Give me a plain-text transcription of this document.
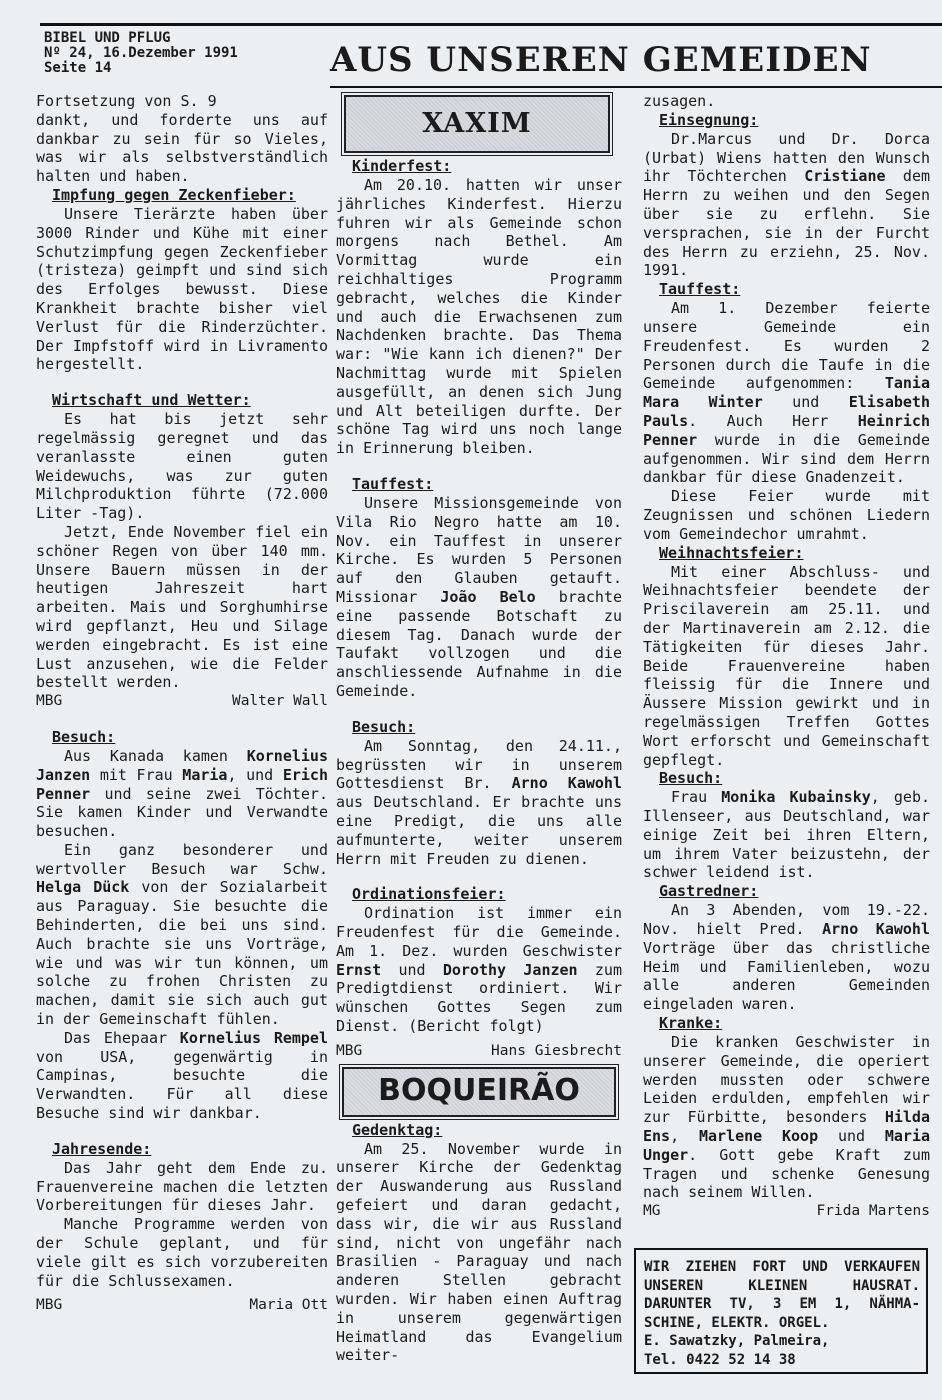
BIBEL UND PFLUG
Nº 24, 16.Dezember 1991
Seite 14	AUS UNSEREN GEMEIDEN

Fortsetzung von S. 9

dankt, und forderte uns auf dankbar zu sein für so Vieles, was wir als selbstverständlich halten und haben.

Impfung gegen Zeckenfieber:

Unsere Tierärzte haben über 3000 Rinder und Kühe mit einer Schutzimpfung gegen Zeckenfieber (tristeza) geimpft und sind sich des Erfolges bewusst. Diese Krankheit brachte bisher viel Verlust für die Rinderzüchter. Der Impfstoff wird in Livramento hergestellt.

Wirtschaft und Wetter:

Es hat bis jetzt sehr regelmässig geregnet und das veranlasste einen guten Weidewuchs, was zur guten Milchproduktion führte (72.000 Liter -Tag).

Jetzt, Ende November fiel ein schöner Regen von über 140 mm. Unsere Bauern müssen in der heutigen Jahreszeit hart arbeiten. Mais und Sorghumhirse wird gepflanzt, Heu und Silage werden eingebracht. Es ist eine Lust anzusehen, wie die Felder bestellt werden.

MBG	Walter Wall
Besuch:

Aus Kanada kamen Kornelius Janzen mit Frau Maria, und Erich Penner und seine zwei Töchter. Sie kamen Kinder und Verwandte besuchen.

Ein ganz besonderer und wertvoller Besuch war Schw. Helga Dück von der Sozialarbeit aus Paraguay. Sie besuchte die Behinderten, die bei uns sind. Auch brachte sie uns Vorträge, wie und was wir tun können, um solche zu frohen Christen zu machen, damit sie sich auch gut in der Gemeinschaft fühlen.

Das Ehepaar Kornelius Rempel von USA, gegenwärtig in Campinas, besuchte die Verwandten. Für all diese Besuche sind wir dankbar.

Jahresende:

Das Jahr geht dem Ende zu. Frauenvereine machen die letzten Vorbereitungen für dieses Jahr.

Manche Programme werden von der Schule geplant, und für viele gilt es sich vorzubereiten für die Schlussexamen.

MBG	Maria Ott
XAXIM
Kinderfest:

Am 20.10. hatten wir unser jährliches Kinderfest. Hierzu fuhren wir als Gemeinde schon morgens nach Bethel. Am Vormittag wurde ein reichhaltiges Programm gebracht, welches die Kinder und auch die Erwachsenen zum Nachdenken brachte. Das Thema war: "Wie kann ich dienen?" Der Nachmittag wurde mit Spielen ausgefüllt, an denen sich Jung und Alt beteiligen durfte. Der schöne Tag wird uns noch lange in Erinnerung bleiben.

Tauffest:

Unsere Missionsgemeinde von Vila Rio Negro hatte am 10. Nov. ein Tauffest in unserer Kirche. Es wurden 5 Personen auf den Glauben getauft. Missionar João Belo brachte eine passende Botschaft zu diesem Tag. Danach wurde der Taufakt vollzogen und die anschliessende Aufnahme in die Gemeinde.

Besuch:

Am Sonntag, den 24.11., begrüssten wir in unserem Gottesdienst Br. Arno Kawohl aus Deutschland. Er brachte uns eine Predigt, die uns alle aufmunterte, weiter unserem Herrn mit Freuden zu dienen.

Ordinationsfeier:

Ordination ist immer ein Freudenfest für die Gemeinde. Am 1. Dez. wurden Geschwister Ernst und Dorothy Janzen zum Predigtdienst ordiniert. Wir wünschen Gottes Segen zum Dienst. (Bericht folgt)

MBG	Hans Giesbrecht
BOQUEIRÃO
Gedenktag:

Am 25. November wurde in unserer Kirche der Gedenktag der Auswanderung aus Russland gefeiert und daran gedacht, dass wir, die wir aus Russland sind, nicht von ungefähr nach Brasilien - Paraguay und nach anderen Stellen gebracht wurden. Wir haben einen Auftrag in unserem gegenwärtigen Heimatland das Evangelium weiter-

zusagen.

Einsegnung:

Dr.Marcus und Dr. Dorca (Urbat) Wiens hatten den Wunsch ihr Töchterchen Cristiane dem Herrn zu weihen und den Segen über sie zu erflehn. Sie versprachen, sie in der Furcht des Herrn zu erziehn, 25. Nov. 1991.

Tauffest:

Am 1. Dezember feierte unsere Gemeinde ein Freudenfest. Es wurden 2 Personen durch die Taufe in die Gemeinde aufgenommen: Tania Mara Winter und Elisabeth Pauls. Auch Herr Heinrich Penner wurde in die Gemeinde aufgenommen. Wir sind dem Herrn dankbar für diese Gnadenzeit.

Diese Feier wurde mit Zeugnissen und schönen Liedern vom Gemeindechor umrahmt.

Weihnachtsfeier:

Mit einer Abschluss- und Weihnachtsfeier beendete der Priscilaverein am 25.11. und der Martinaverein am 2.12. die Tätigkeiten für dieses Jahr. Beide Frauenvereine haben fleissig für die Innere und Äussere Mission gewirkt und in regelmässigen Treffen Gottes Wort erforscht und Gemeinschaft gepflegt.

Besuch:

Frau Monika Kubainsky, geb. Illenseer, aus Deutschland, war einige Zeit bei ihren Eltern, um ihrem Vater beizustehn, der schwer leidend ist.

Gastredner:

An 3 Abenden, vom 19.-22. Nov. hielt Pred. Arno Kawohl Vorträge über das christliche Heim und Familienleben, wozu alle anderen Gemeinden eingeladen waren.

Kranke:

Die kranken Geschwister in unserer Gemeinde, die operiert werden mussten oder schwere Leiden erdulden, empfehlen wir zur Fürbitte, besonders Hilda Ens, Marlene Koop und Maria Unger. Gott gebe Kraft zum Tragen und schenke Genesung nach seinem Willen.

MG	Frida Martens
WIR ZIEHEN FORT UND VERKAUFEN
UNSEREN KLEINEN HAUSRAT.
DARUNTER TV, 3 EM 1, NÄHMA-
SCHINE, ELEKTR. ORGEL.
E. Sawatzky, Palmeira,
Tel. 0422 52 14 38
